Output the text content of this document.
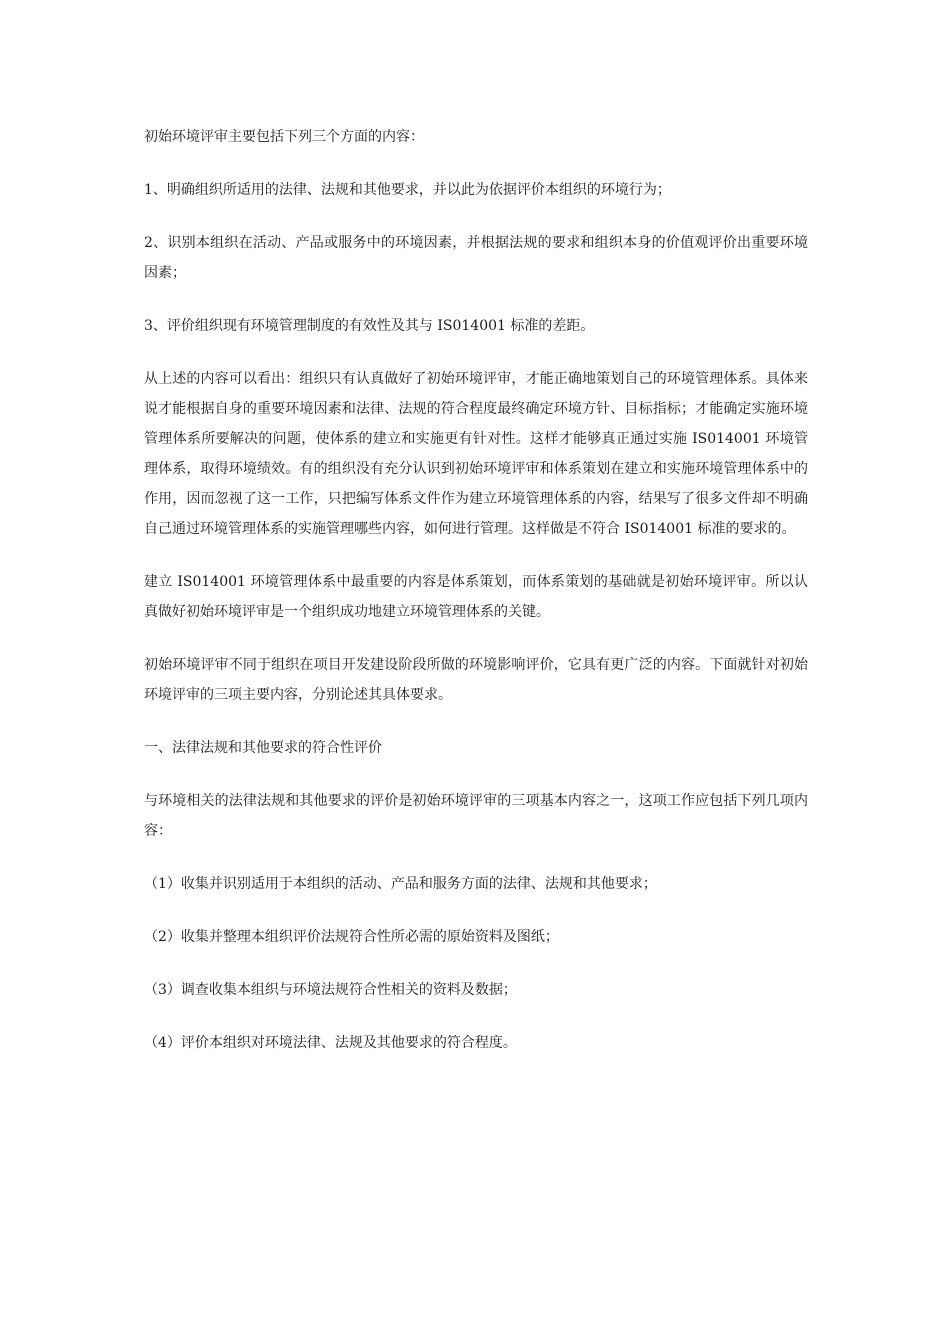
初始环境评审主要包括下列三个方面的内容：

1、明确组织所适用的法律、法规和其他要求，并以此为依据评价本组织的环境行为；

2、识别本组织在活动、产品或服务中的环境因素，并根据法规的要求和组织本身的价值观评价出重要环境因素；

3、评价组织现有环境管理制度的有效性及其与 IS014001 标准的差距。

从上述的内容可以看出：组织只有认真做好了初始环境评审，才能正确地策划自己的环境管理体系。具体来说才能根据自身的重要环境因素和法律、法规的符合程度最终确定环境方针、目标指标；才能确定实施环境管理体系所要解决的问题，使体系的建立和实施更有针对性。这样才能够真正通过实施 IS014001 环境管理体系，取得环境绩效。有的组织没有充分认识到初始环境评审和体系策划在建立和实施环境管理体系中的作用，因而忽视了这一工作，只把编写体系文件作为建立环境管理体系的内容，结果写了很多文件却不明确自己通过环境管理体系的实施管理哪些内容，如何进行管理。这样做是不符合 IS014001 标准的要求的。

建立 IS014001 环境管理体系中最重要的内容是体系策划，而体系策划的基础就是初始环境评审。所以认真做好初始环境评审是一个组织成功地建立环境管理体系的关键。

初始环境评审不同于组织在项目开发建设阶段所做的环境影响评价，它具有更广泛的内容。下面就针对初始环境评审的三项主要内容，分别论述其具体要求。

一、法律法规和其他要求的符合性评价

与环境相关的法律法规和其他要求的评价是初始环境评审的三项基本内容之一，这项工作应包括下列几项内容：

（1）收集并识别适用于本组织的活动、产品和服务方面的法律、法规和其他要求；

（2）收集并整理本组织评价法规符合性所必需的原始资料及图纸；

（3）调查收集本组织与环境法规符合性相关的资料及数据；

（4）评价本组织对环境法律、法规及其他要求的符合程度。
